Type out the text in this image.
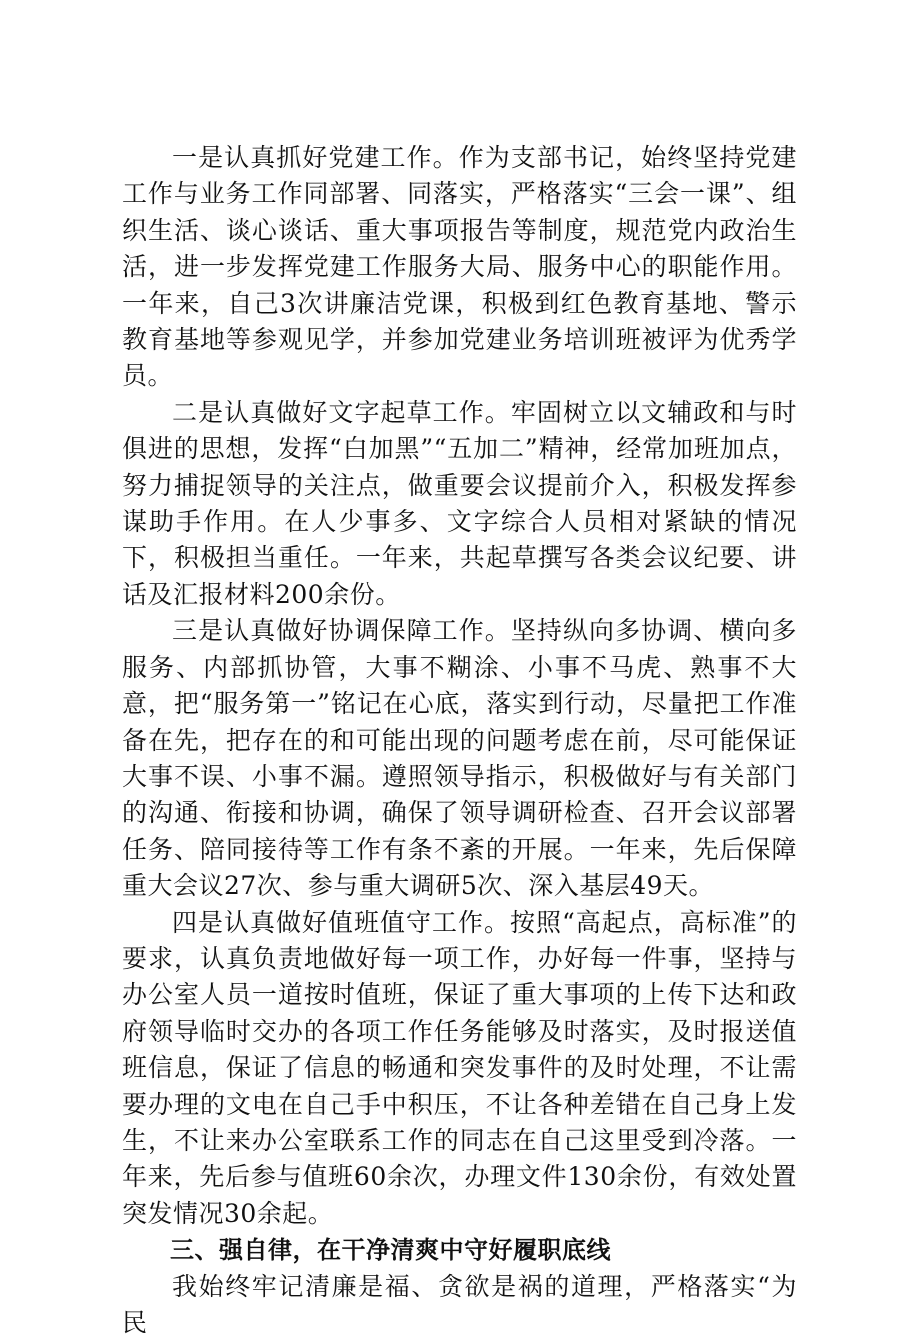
一是认真抓好党建工作。作为支部书记，始终坚持党建工作与业务工作同部署、同落实，严格落实“三会一课”、组织生活、谈心谈话、重大事项报告等制度，规范党内政治生活，进一步发挥党建工作服务大局、服务中心的职能作用。一年来，自己3次讲廉洁党课，积极到红色教育基地、警示教育基地等参观见学，并参加党建业务培训班被评为优秀学员。

二是认真做好文字起草工作。牢固树立以文辅政和与时俱进的思想，发挥“白加黑”“五加二”精神，经常加班加点，努力捕捉领导的关注点，做重要会议提前介入，积极发挥参谋助手作用。在人少事多、文字综合人员相对紧缺的情况下，积极担当重任。一年来，共起草撰写各类会议纪要、讲话及汇报材料200余份。

三是认真做好协调保障工作。坚持纵向多协调、横向多服务、内部抓协管，大事不糊涂、小事不马虎、熟事不大意，把“服务第一”铭记在心底，落实到行动，尽量把工作准备在先，把存在的和可能出现的问题考虑在前，尽可能保证大事不误、小事不漏。遵照领导指示，积极做好与有关部门的沟通、衔接和协调，确保了领导调研检查、召开会议部署任务、陪同接待等工作有条不紊的开展。一年来，先后保障重大会议27次、参与重大调研5次、深入基层49天。

四是认真做好值班值守工作。按照“高起点，高标准”的要求，认真负责地做好每一项工作，办好每一件事，坚持与办公室人员一道按时值班，保证了重大事项的上传下达和政府领导临时交办的各项工作任务能够及时落实，及时报送值班信息，保证了信息的畅通和突发事件的及时处理，不让需要办理的文电在自己手中积压，不让各种差错在自己身上发生，不让来办公室联系工作的同志在自己这里受到冷落。一年来，先后参与值班60余次，办理文件130余份，有效处置突发情况30余起。

三、强自律，在干净清爽中守好履职底线

我始终牢记清廉是福、贪欲是祸的道理，严格落实“为民
